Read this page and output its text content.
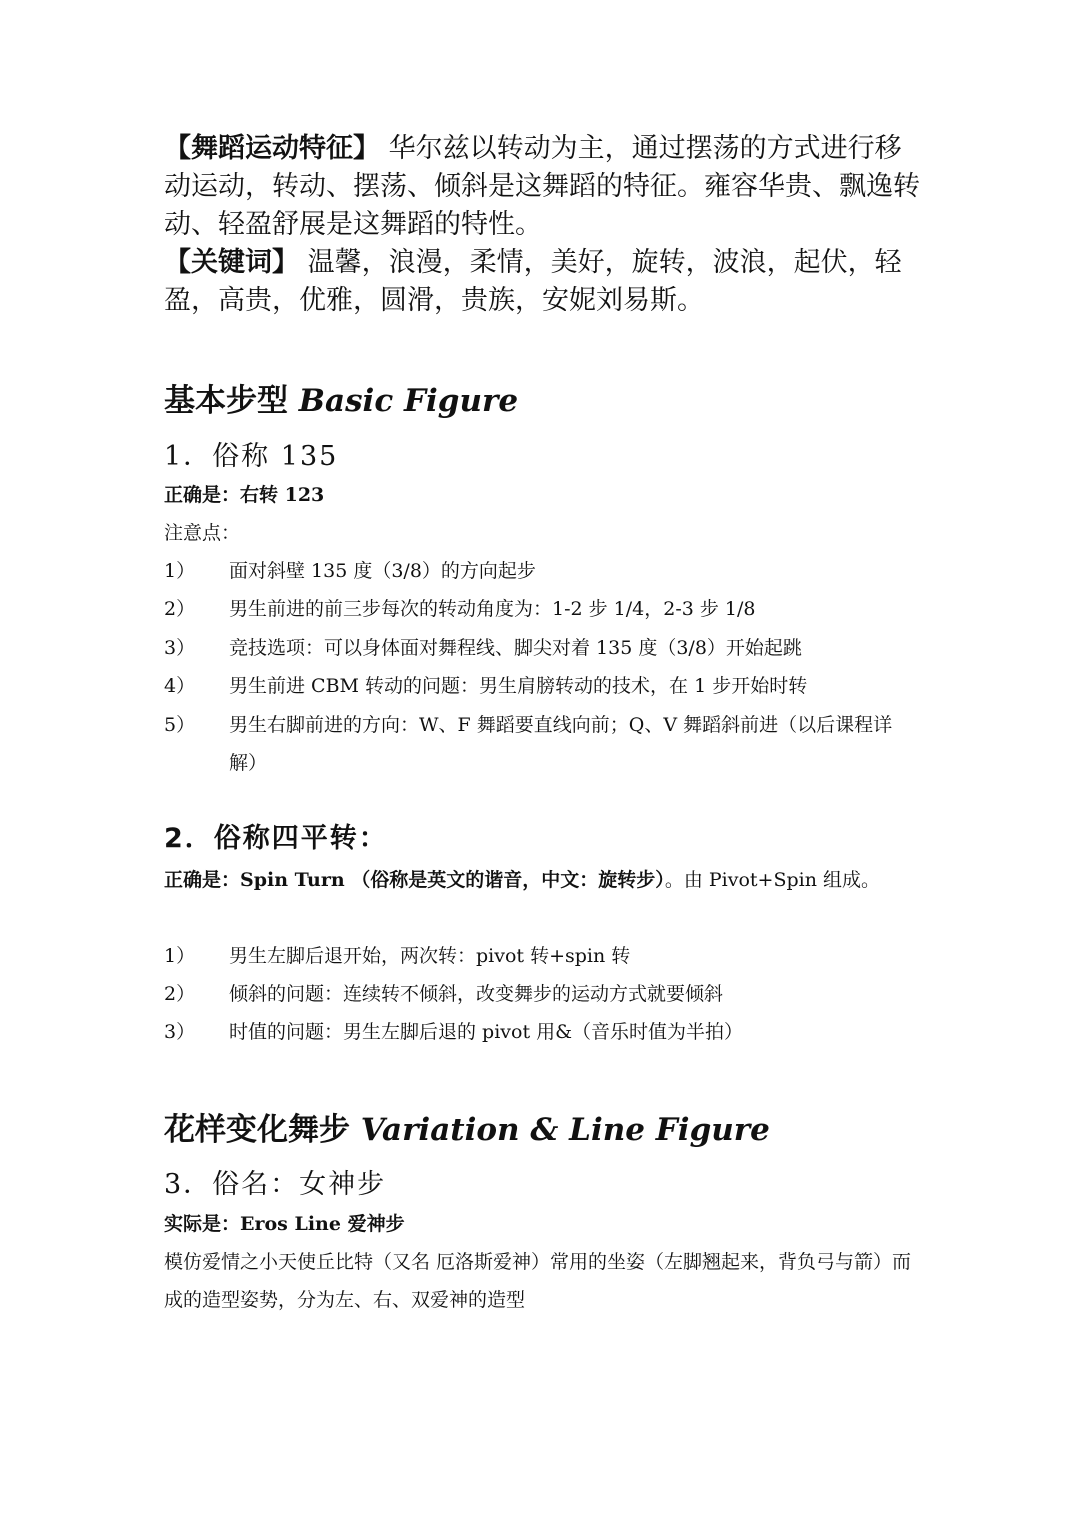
【舞蹈运动特征】 华尔兹以转动为主，通过摆荡的方式进行移动运动，转动、摆荡、倾斜是这舞蹈的特征。雍容华贵、飘逸转动、轻盈舒展是这舞蹈的特性。
【关键词】 温馨，浪漫，柔情，美好，旋转，波浪，起伏，轻盈，高贵，优雅，圆滑，贵族，安妮刘易斯。
基本步型 Basic Figure
1．俗称 135
正确是：右转 123
注意点：
1）	面对斜壁 135 度（3/8）的方向起步
2）	男生前进的前三步每次的转动角度为：1-2 步 1/4，2-3 步 1/8
3）	竞技选项：可以身体面对舞程线、脚尖对着 135 度（3/8）开始起跳
4）	男生前进 CBM 转动的问题：男生肩膀转动的技术，在 1 步开始时转
5）	男生右脚前进的方向：W、F 舞蹈要直线向前；Q、V 舞蹈斜前进（以后课程详解）
2．俗称四平转：
正确是：Spin Turn （俗称是英文的谐音，中文：旋转步）。由 Pivot+Spin 组成。
1）	男生左脚后退开始，两次转：pivot 转+spin 转
2）	倾斜的问题：连续转不倾斜，改变舞步的运动方式就要倾斜
3）	时值的问题：男生左脚后退的 pivot 用&（音乐时值为半拍）
花样变化舞步 Variation & Line Figure
3．俗名：女神步
实际是：Eros Line 爱神步
模仿爱情之小天使丘比特（又名 厄洛斯爱神）常用的坐姿（左脚翘起来，背负弓与箭）而成的造型姿势，分为左、右、双爱神的造型
